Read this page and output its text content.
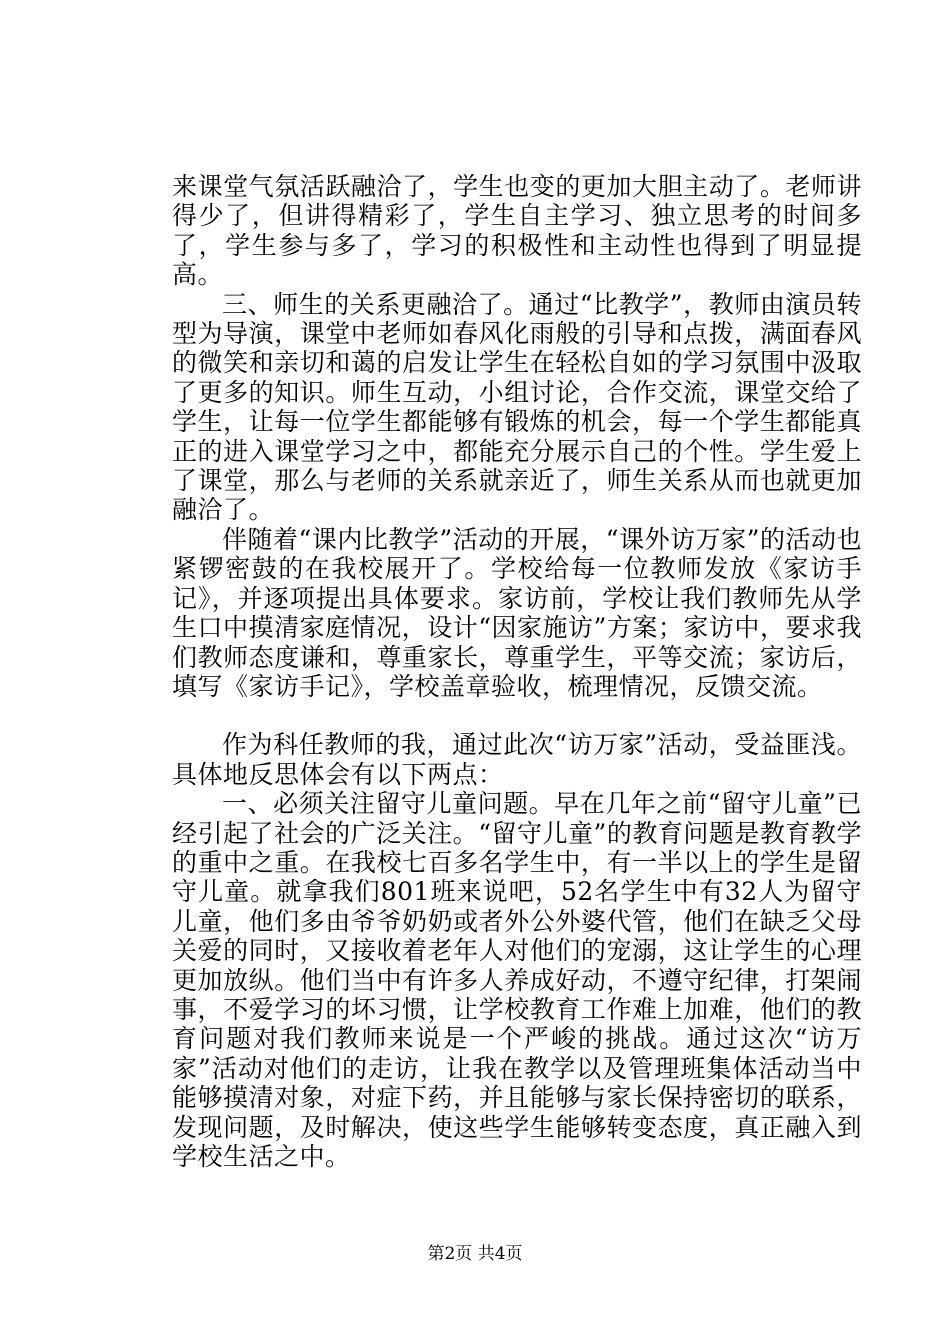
来课堂气氛活跃融洽了，学生也变的更加大胆主动了。老师讲得少了，但讲得精彩了，学生自主学习、独立思考的时间多了，学生参与多了，学习的积极性和主动性也得到了明显提高。

三、师生的关系更融洽了。通过“比教学”，教师由演员转型为导演，课堂中老师如春风化雨般的引导和点拨，满面春风的微笑和亲切和蔼的启发让学生在轻松自如的学习氛围中汲取了更多的知识。师生互动，小组讨论，合作交流，课堂交给了学生，让每一位学生都能够有锻炼的机会，每一个学生都能真正的进入课堂学习之中，都能充分展示自己的个性。学生爱上了课堂，那么与老师的关系就亲近了，师生关系从而也就更加融洽了。

伴随着“课内比教学”活动的开展，“课外访万家”的活动也紧锣密鼓的在我校展开了。学校给每一位教师发放《家访手记》，并逐项提出具体要求。家访前，学校让我们教师先从学生口中摸清家庭情况，设计“因家施访”方案；家访中，要求我们教师态度谦和，尊重家长，尊重学生，平等交流；家访后，填写《家访手记》，学校盖章验收，梳理情况，反馈交流。

作为科任教师的我，通过此次“访万家”活动，受益匪浅。具体地反思体会有以下两点：

一、必须关注留守儿童问题。早在几年之前“留守儿童”已经引起了社会的广泛关注。“留守儿童”的教育问题是教育教学的重中之重。在我校七百多名学生中，有一半以上的学生是留守儿童。就拿我们801班来说吧，52名学生中有32人为留守儿童，他们多由爷爷奶奶或者外公外婆代管，他们在缺乏父母关爱的同时，又接收着老年人对他们的宠溺，这让学生的心理更加放纵。他们当中有许多人养成好动，不遵守纪律，打架闹事，不爱学习的坏习惯，让学校教育工作难上加难，他们的教育问题对我们教师来说是一个严峻的挑战。通过这次“访万家”活动对他们的走访，让我在教学以及管理班集体活动当中能够摸清对象，对症下药，并且能够与家长保持密切的联系，发现问题，及时解决，使这些学生能够转变态度，真正融入到学校生活之中。

第2页 共4页
